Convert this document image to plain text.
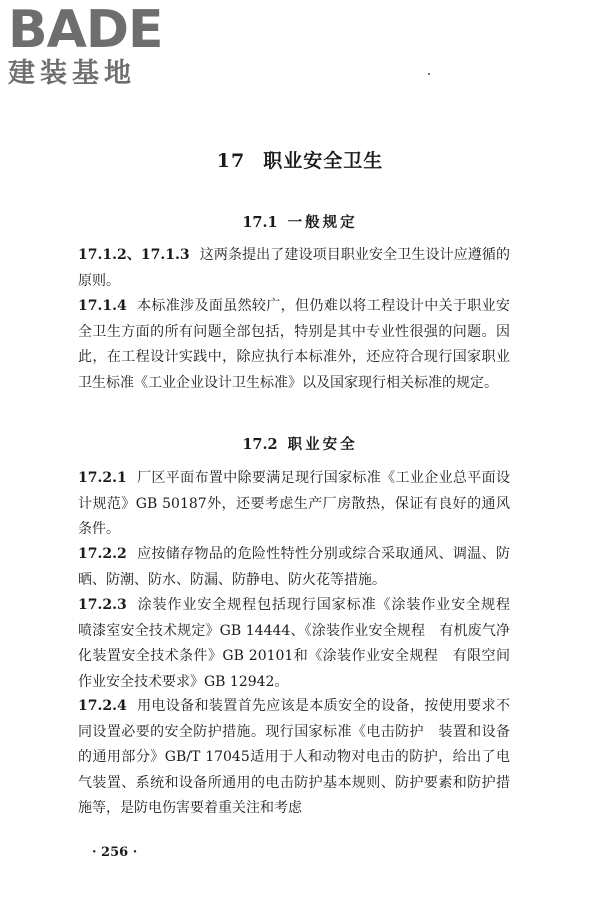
BADE
建装基地
17 职业安全卫生
17.1 一般规定

17.1.2、17.1.3 这两条提出了建设项目职业安全卫生设计应遵循的原则。

17.1.4 本标准涉及面虽然较广，但仍难以将工程设计中关于职业安全卫生方面的所有问题全部包括，特别是其中专业性很强的问题。因此，在工程设计实践中，除应执行本标准外，还应符合现行国家职业卫生标准《工业企业设计卫生标准》以及国家现行相关标准的规定。

17.2 职业安全

17.2.1 厂区平面布置中除要满足现行国家标准《工业企业总平面设计规范》GB 50187外，还要考虑生产厂房散热，保证有良好的通风条件。

17.2.2 应按储存物品的危险性特性分别或综合采取通风、调温、防晒、防潮、防水、防漏、防静电、防火花等措施。

17.2.3 涂装作业安全规程包括现行国家标准《涂装作业安全规程　喷漆室安全技术规定》GB 14444、《涂装作业安全规程　有机废气净化装置安全技术条件》GB 20101和《涂装作业安全规程　有限空间作业安全技术要求》GB 12942。

17.2.4 用电设备和装置首先应该是本质安全的设备，按使用要求不同设置必要的安全防护措施。现行国家标准《电击防护　装置和设备的通用部分》GB/T 17045适用于人和动物对电击的防护，给出了电气装置、系统和设备所通用的电击防护基本规则、防护要素和防护措施等，是防电伤害要着重关注和考虑

· 256 ·
